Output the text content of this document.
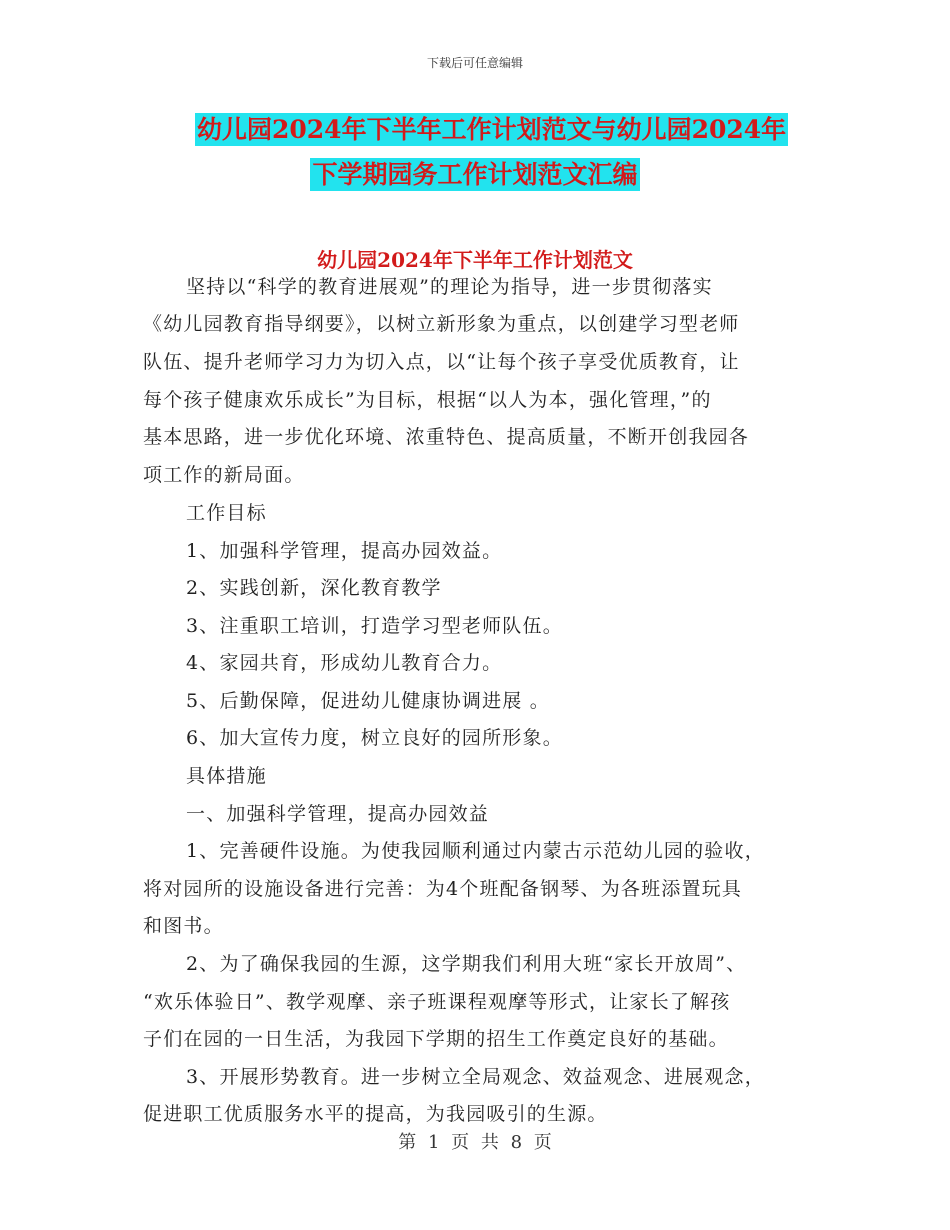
下载后可任意编辑
幼儿园2024年下半年工作计划范文与幼儿园2024年
下学期园务工作计划范文汇编
幼儿园2024年下半年工作计划范文
坚持以“科学的教育进展观”的理论为指导，进一步贯彻落实
《幼儿园教育指导纲要》，以树立新形象为重点，以创建学习型老师
队伍、提升老师学习力为切入点，以“让每个孩子享受优质教育，让
每个孩子健康欢乐成长”为目标，根据“以人为本，强化管理，”的
基本思路，进一步优化环境、浓重特色、提高质量，不断开创我园各
项工作的新局面。
工作目标
1、加强科学管理，提高办园效益。
2、实践创新，深化教育教学
3、注重职工培训，打造学习型老师队伍。
4、家园共育，形成幼儿教育合力。
5、后勤保障，促进幼儿健康协调进展 。
6、加大宣传力度，树立良好的园所形象。
具体措施
一、加强科学管理，提高办园效益
1、完善硬件设施。为使我园顺利通过内蒙古示范幼儿园的验收，
将对园所的设施设备进行完善：为4个班配备钢琴、为各班添置玩具
和图书。
2、为了确保我园的生源，这学期我们利用大班“家长开放周”、
“欢乐体验日”、教学观摩、亲子班课程观摩等形式，让家长了解孩
子们在园的一日生活，为我园下学期的招生工作奠定良好的基础。
3、开展形势教育。进一步树立全局观念、效益观念、进展观念，
促进职工优质服务水平的提高，为我园吸引的生源。
第 1 页 共 8 页
